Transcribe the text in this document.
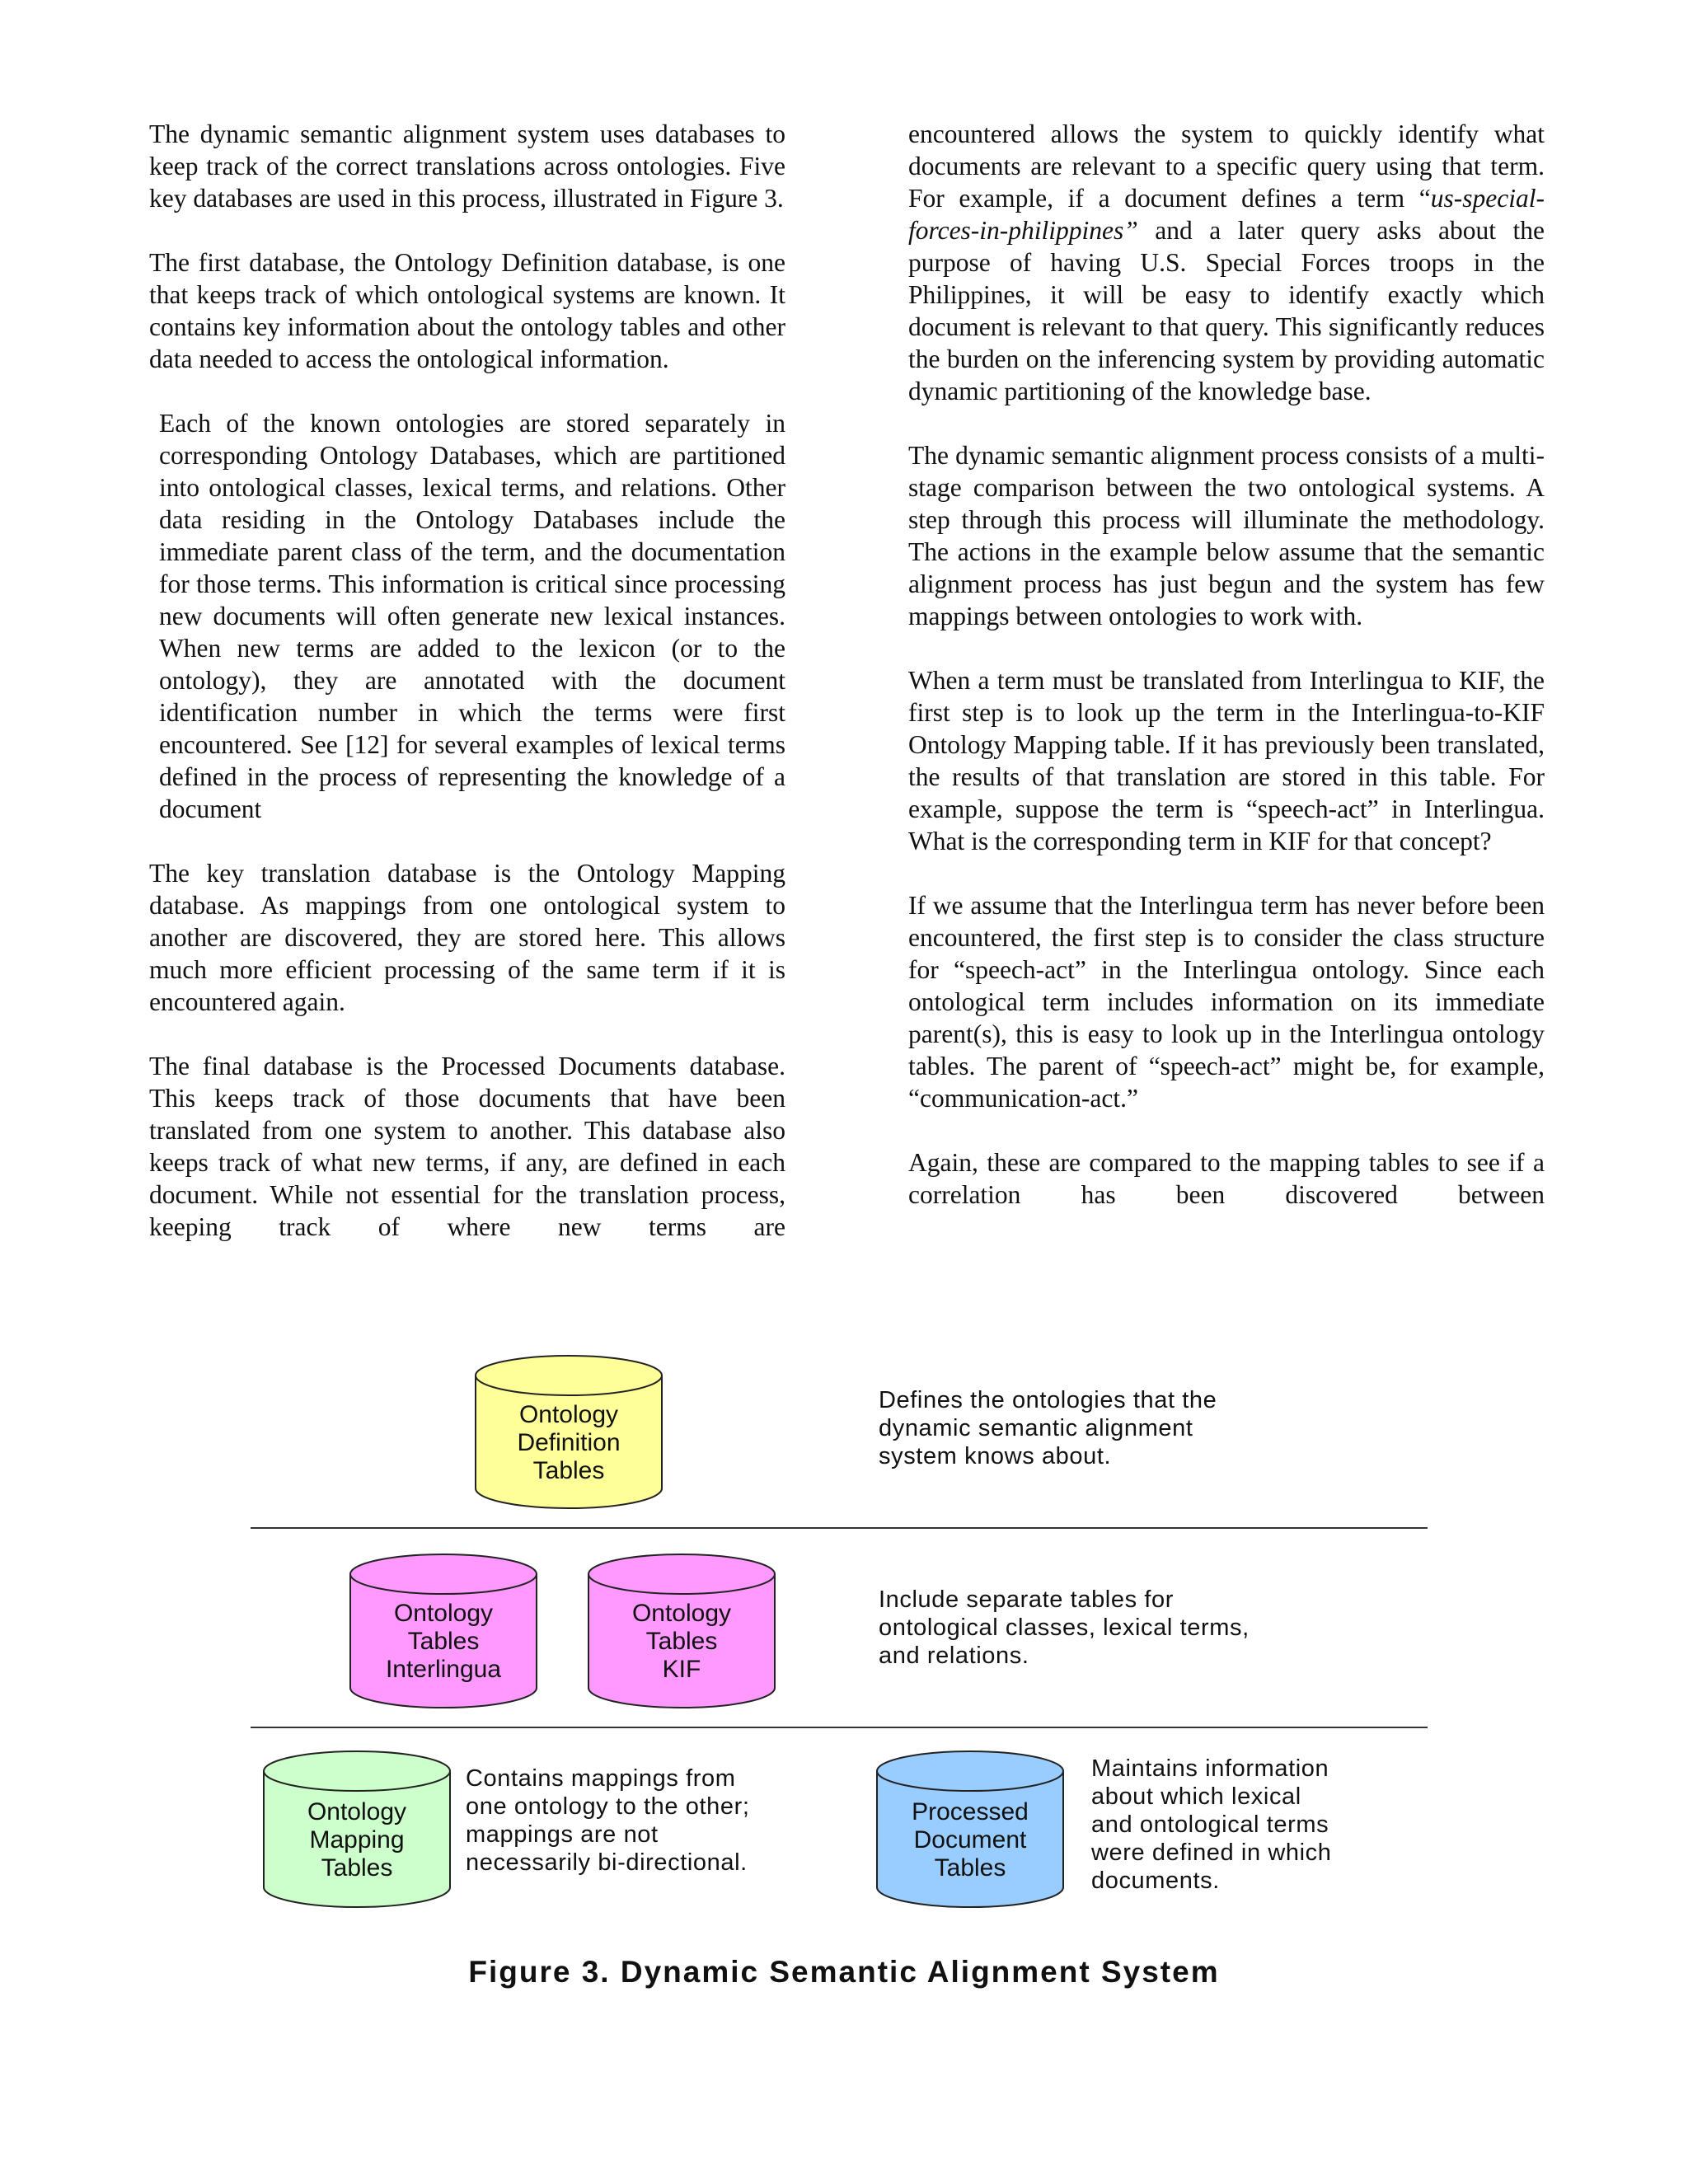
The dynamic semantic alignment system uses databases to keep track of the correct translations across ontologies. Five key databases are used in this process, illustrated in Figure 3.

The first database, the Ontology Definition database, is one that keeps track of which ontological systems are known. It contains key information about the ontology tables and other data needed to access the ontological information.

Each of the known ontologies are stored separately in corresponding Ontology Databases, which are partitioned into ontological classes, lexical terms, and relations. Other data residing in the Ontology Databases include the immediate parent class of the term, and the documentation for those terms. This information is critical since processing new documents will often generate new lexical instances. When new terms are added to the lexicon (or to the ontology), they are annotated with the document identification number in which the terms were first encountered. See [12] for several examples of lexical terms defined in the process of representing the knowledge of a document

The key translation database is the Ontology Mapping database. As mappings from one ontological system to another are discovered, they are stored here. This allows much more efficient processing of the same term if it is encountered again.

The final database is the Processed Documents database. This keeps track of those documents that have been translated from one system to another. This database also keeps track of what new terms, if any, are defined in each document. While not essential for the translation process, keeping track of where new terms are

encountered allows the system to quickly identify what documents are relevant to a specific query using that term. For example, if a document defines a term “us-special-forces-in-philippines” and a later query asks about the purpose of having U.S. Special Forces troops in the Philippines, it will be easy to identify exactly which document is relevant to that query. This significantly reduces the burden on the inferencing system by providing automatic dynamic partitioning of the knowledge base.

The dynamic semantic alignment process consists of a multi-stage comparison between the two ontological systems. A step through this process will illuminate the methodology. The actions in the example below assume that the semantic alignment process has just begun and the system has few mappings between ontologies to work with.

When a term must be translated from Interlingua to KIF, the first step is to look up the term in the Interlingua-to-KIF Ontology Mapping table. If it has previously been translated, the results of that translation are stored in this table. For example, suppose the term is “speech-act” in Interlingua. What is the corresponding term in KIF for that concept?

If we assume that the Interlingua term has never before been encountered, the first step is to consider the class structure for “speech-act” in the Interlingua ontology. Since each ontological term includes information on its immediate parent(s), this is easy to look up in the Interlingua ontology tables. The parent of “speech-act” might be, for example, “communication-act.”

Again, these are compared to the mapping tables to see if a correlation has been discovered between

Ontology
Definition
Tables
Ontology
Tables
Interlingua
Ontology
Tables
KIF
Ontology
Mapping
Tables
Processed
Document
Tables
Defines the ontologies that the
dynamic semantic alignment
system knows about.
Include separate tables for
ontological classes, lexical terms,
and relations.
Contains mappings from
one ontology to the other;
mappings are not
necessarily bi-directional.
Maintains information
about which lexical
and ontological terms
were defined in which
documents.
Figure 3. Dynamic Semantic Alignment System
